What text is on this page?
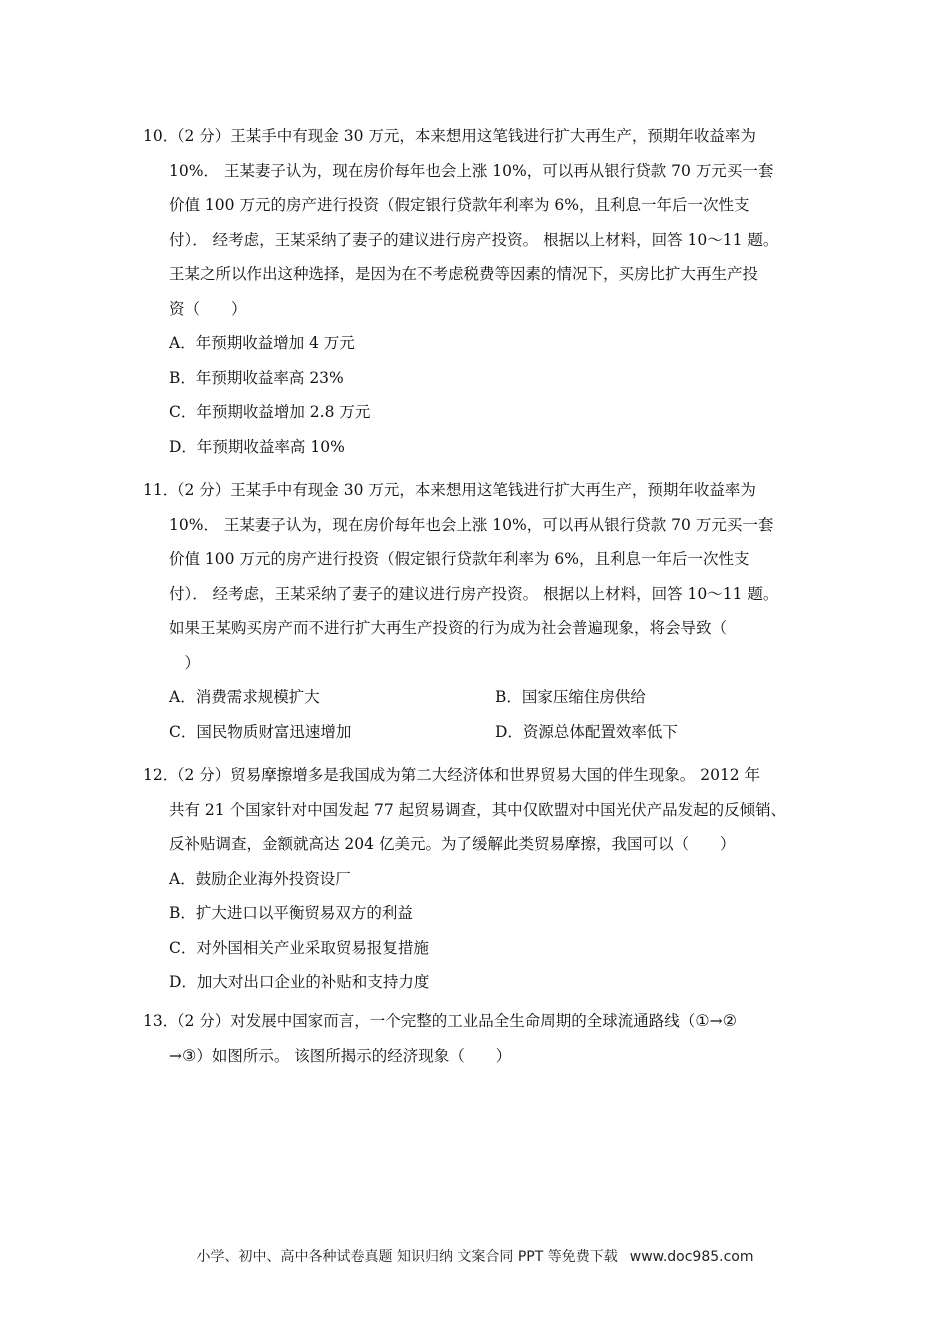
10．（2 分）王某手中有现金 30 万元，本来想用这笔钱进行扩大再生产，预期年收益率为
10%． 王某妻子认为，现在房价每年也会上涨 10%，可以再从银行贷款 70 万元买一套
价值 100 万元的房产进行投资（假定银行贷款年利率为 6%，且利息一年后一次性支
付）． 经考虑，王某采纳了妻子的建议进行房产投资。 根据以上材料，回答 10～11 题。
王某之所以作出这种选择，是因为在不考虑税费等因素的情况下，买房比扩大再生产投
资（　　）
A．年预期收益增加 4 万元
B．年预期收益率高 23%
C．年预期收益增加 2.8 万元
D．年预期收益率高 10%
11．（2 分）王某手中有现金 30 万元，本来想用这笔钱进行扩大再生产，预期年收益率为
10%． 王某妻子认为，现在房价每年也会上涨 10%，可以再从银行贷款 70 万元买一套
价值 100 万元的房产进行投资（假定银行贷款年利率为 6%，且利息一年后一次性支
付）． 经考虑，王某采纳了妻子的建议进行房产投资。 根据以上材料，回答 10～11 题。
如果王某购买房产而不进行扩大再生产投资的行为成为社会普遍现象，将会导致（
　）
A．消费需求规模扩大	B．国家压缩住房供给
C．国民物质财富迅速增加	D．资源总体配置效率低下
12．（2 分）贸易摩擦增多是我国成为第二大经济体和世界贸易大国的伴生现象。 2012 年
共有 21 个国家针对中国发起 77 起贸易调查，其中仅欧盟对中国光伏产品发起的反倾销、
反补贴调查，金额就高达 204 亿美元。为了缓解此类贸易摩擦，我国可以（　　）
A．鼓励企业海外投资设厂
B．扩大进口以平衡贸易双方的利益
C．对外国相关产业采取贸易报复措施
D．加大对出口企业的补贴和支持力度
13．（2 分）对发展中国家而言，一个完整的工业品全生命周期的全球流通路线（①→②
→③）如图所示。 该图所揭示的经济现象（　　）
小学、初中、高中各种试卷真题 知识归纳 文案合同 PPT 等免费下载 www.doc985.com
